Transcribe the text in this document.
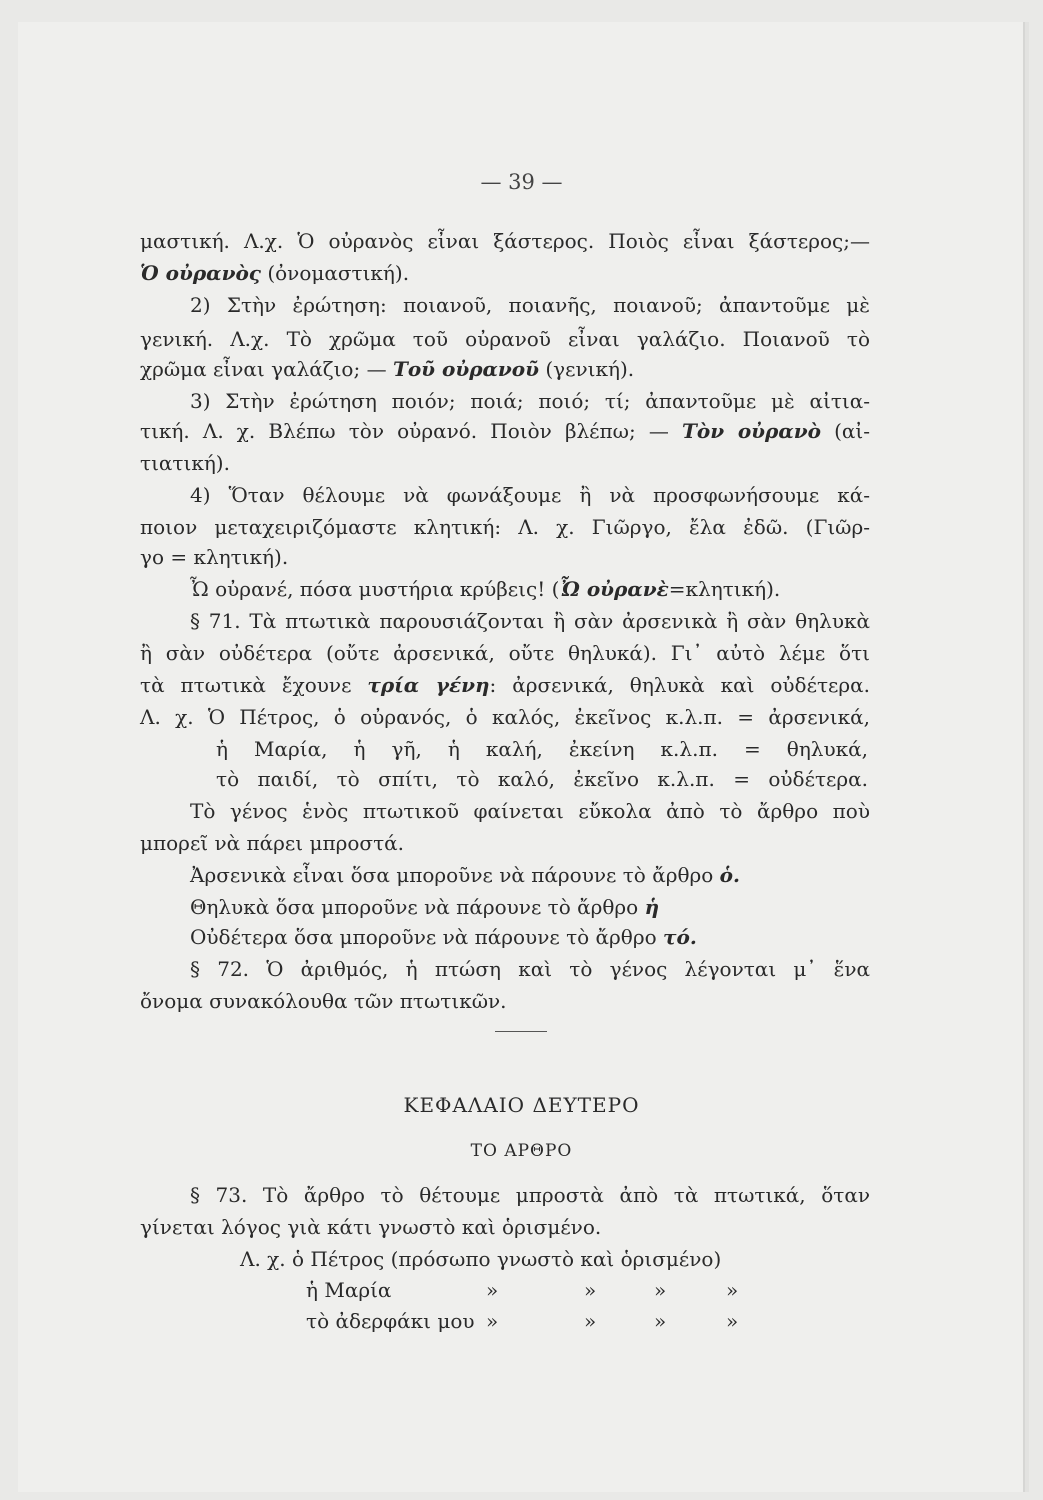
— 39 —
μαστική. Λ.χ. Ὁ οὐρανὸς εἶναι ξάστερος. Ποιὸς εἶναι ξάστερος;—
Ὁ οὐρανὸς (ὀνομαστική).
2) Στὴν ἐρώτηση: ποιανοῦ, ποιανῆς, ποιανοῦ; ἀπαντοῦμε μὲ
γενική. Λ.χ. Τὸ χρῶμα τοῦ οὐρανοῦ εἶναι γαλάζιο. Ποιανοῦ τὸ
χρῶμα εἶναι γαλάζιο; — Τοῦ οὐρανοῦ (γενική).
3) Στὴν ἐρώτηση ποιόν; ποιά; ποιό; τί; ἀπαντοῦμε μὲ αἰτια-
τική. Λ. χ. Βλέπω τὸν οὐρανό. Ποιὸν βλέπω; — Τὸν οὐρανὸ (αἰ-
τιατική).
4) Ὅταν θέλουμε νὰ φωνάξουμε ἢ νὰ προσφωνήσουμε κά-
ποιον μεταχειριζόμαστε κλητική: Λ. χ. Γιῶργο, ἔλα ἐδῶ. (Γιῶρ-
γο = κλητική).
Ὦ οὐρανέ, πόσα μυστήρια κρύβεις! (Ὦ οὐρανὲ=κλητική).
§ 71. Τὰ πτωτικὰ παρουσιάζονται ἢ σὰν ἀρσενικὰ ἢ σὰν θηλυκὰ
ἢ σὰν οὐδέτερα (οὔτε ἀρσενικά, οὔτε θηλυκά). Γι᾿ αὐτὸ λέμε ὅτι
τὰ πτωτικὰ ἔχουνε τρία γένη: ἀρσενικά, θηλυκὰ καὶ οὐδέτερα.
Λ. χ. Ὁ Πέτρος, ὁ οὐρανός, ὁ καλός, ἐκεῖνος κ.λ.π. = ἀρσενικά,
ἡ Μαρία, ἡ γῆ, ἡ καλή, ἐκείνη κ.λ.π. = θηλυκά,
τὸ παιδί, τὸ σπίτι, τὸ καλό, ἐκεῖνο κ.λ.π. = οὐδέτερα.
Τὸ γένος ἑνὸς πτωτικοῦ φαίνεται εὔκολα ἀπὸ τὸ ἄρθρο ποὺ
μπορεῖ νὰ πάρει μπροστά.
Ἀρσενικὰ εἶναι ὅσα μποροῦνε νὰ πάρουνε τὸ ἄρθρο ὁ.
Θηλυκὰ ὅσα μποροῦνε νὰ πάρουνε τὸ ἄρθρο ἡ
Οὐδέτερα ὅσα μποροῦνε νὰ πάρουνε τὸ ἄρθρο τό.
§ 72. Ὁ ἀριθμός, ἡ πτώση καὶ τὸ γένος λέγονται μ᾿ ἕνα
ὄνομα συνακόλουθα τῶν πτωτικῶν.
ΚΕΦΑΛΑΙΟ ΔΕΥΤΕΡΟ
ΤΟ ΑΡΘΡΟ
§ 73. Τὸ ἄρθρο τὸ θέτουμε μπροστὰ ἀπὸ τὰ πτωτικά, ὅταν
γίνεται λόγος γιὰ κάτι γνωστὸ καὶ ὁρισμένο.
Λ. χ. ὁ Πέτρος (πρόσωπο γνωστὸ καὶ ὁρισμένο)
ἡ Μαρία	»	»	»	»
τὸ ἀδερφάκι μου »	»	»	»
